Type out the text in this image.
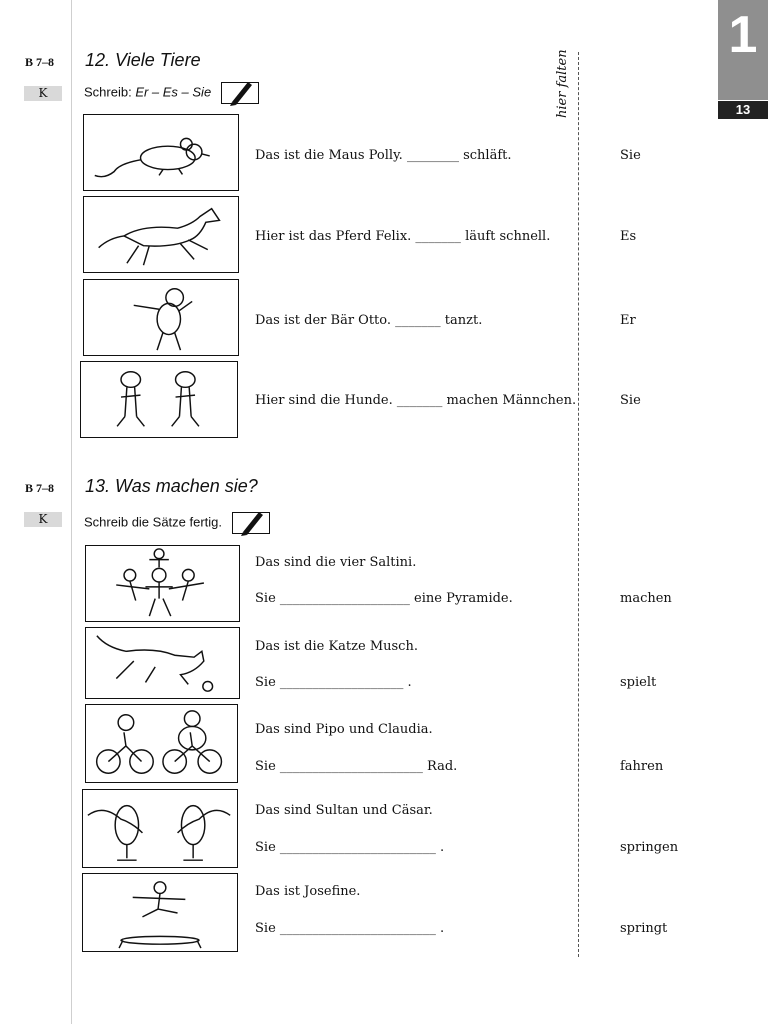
hier falten
1
13
B 7–8
K
12. Viele Tiere
Schreib: Er – Es – Sie
Das ist die Maus Polly. ________ schläft.	Sie
Hier ist das Pferd Felix. _______ läuft schnell.	Es
Das ist der Bär Otto. _______ tanzt.	Er
Hier sind die Hunde. _______ machen Männchen.	Sie
B 7–8
K
13. Was machen sie?
Schreib die Sätze fertig.
Das sind die vier Saltini.
Sie ____________________ eine Pyramide.	machen
Das ist die Katze Musch.
Sie ___________________ .	spielt
Das sind Pipo und Claudia.
Sie ______________________ Rad.	fahren
Das sind Sultan und Cäsar.
Sie ________________________ .	springen
Das ist Josefine.
Sie ________________________ .	springt
